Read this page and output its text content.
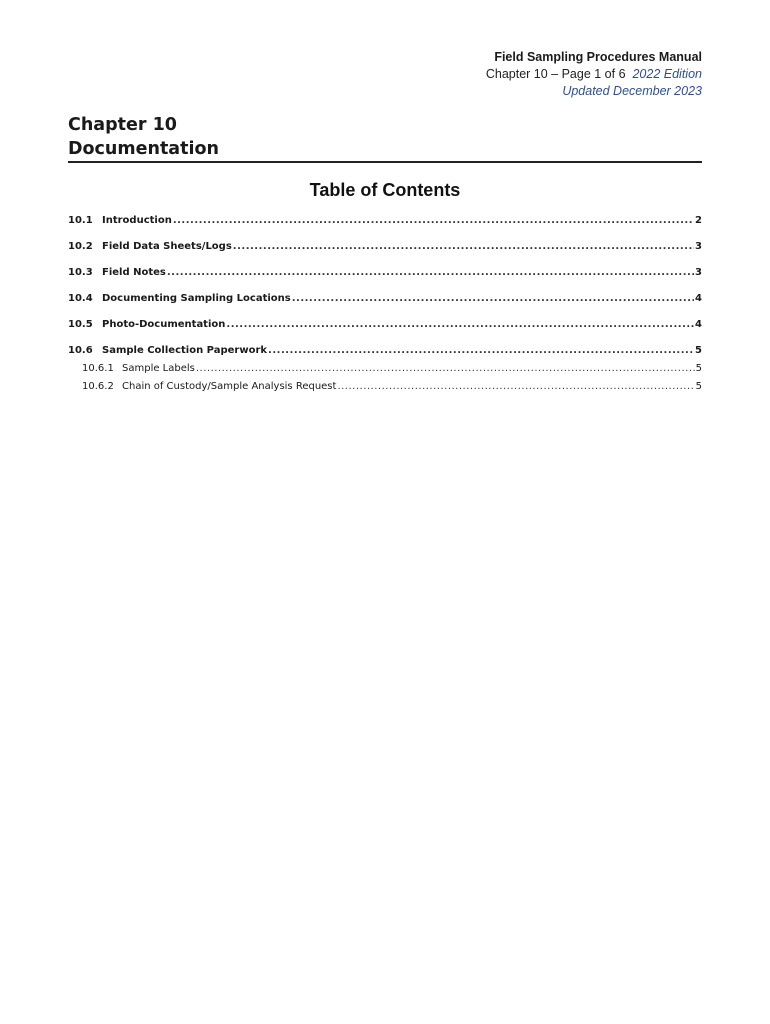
Field Sampling Procedures Manual
Chapter 10 – Page 1 of 6 2022 Edition
Updated December 2023
Chapter 10
Documentation
Table of Contents
10.1 Introduction .....	2
10.2 Field Data Sheets/Logs .....	3
10.3 Field Notes .....	3
10.4 Documenting Sampling Locations .....	4
10.5 Photo-Documentation .....	4
10.6 Sample Collection Paperwork .....	5
10.6.1 Sample Labels .....	5
10.6.2 Chain of Custody/Sample Analysis Request .....	5
